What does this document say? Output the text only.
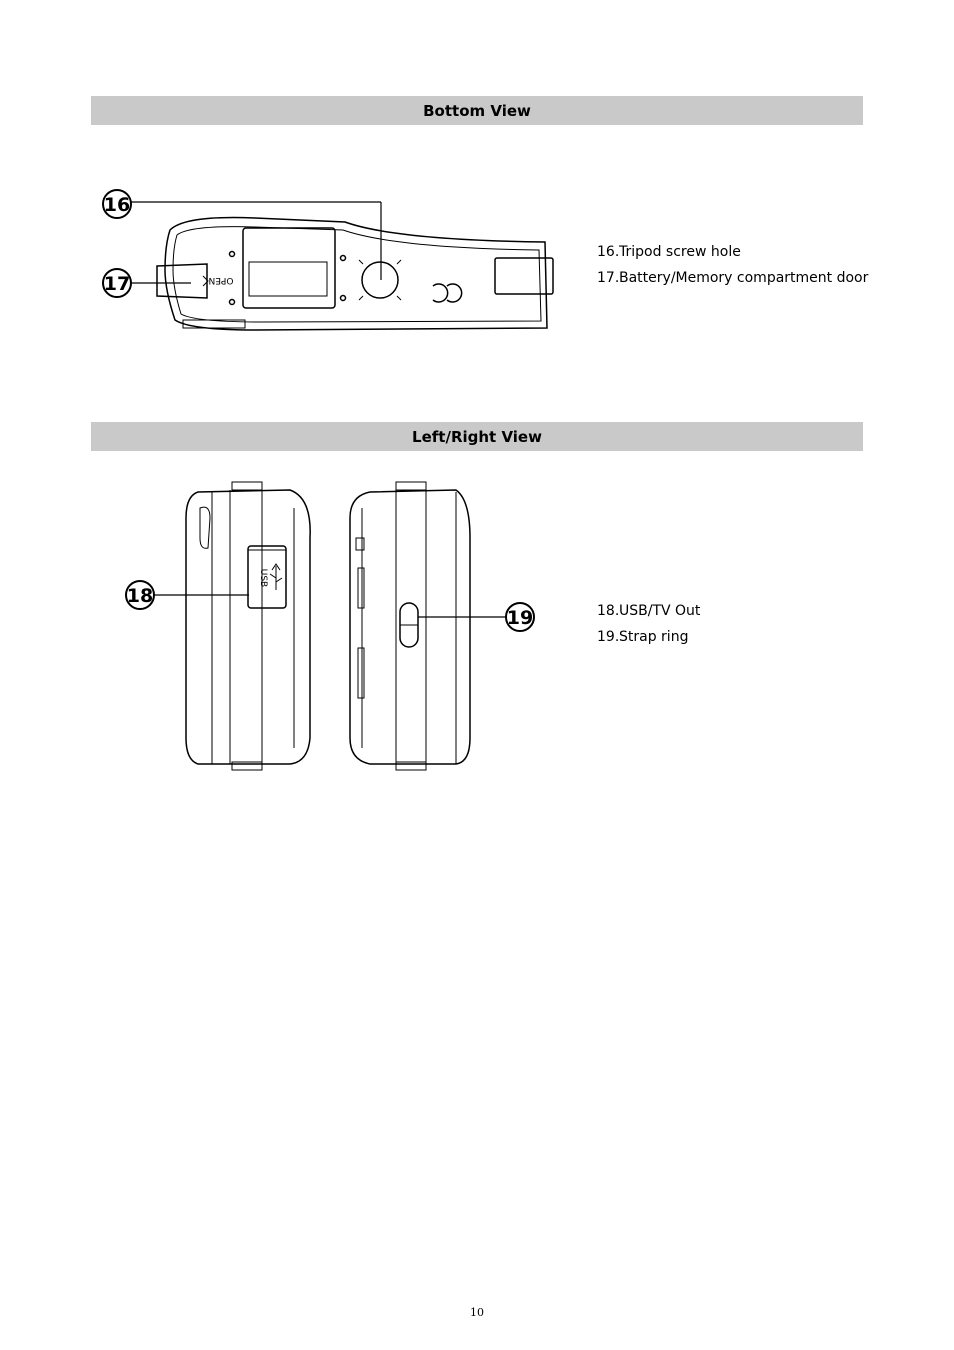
Bottom View
OPEN
16
17
16. Tripod screw hole
17. Battery/Memory compartment door
Left/Right View
USB
18
19	18. USB/TV Out
19. Strap ring
10
